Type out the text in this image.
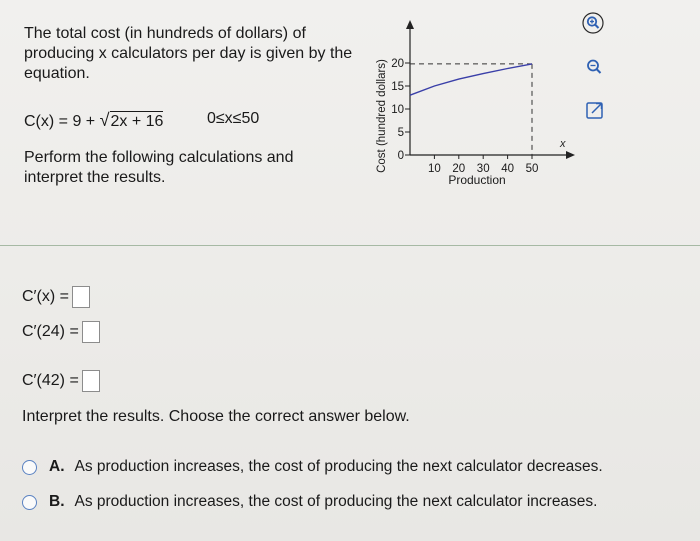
The total cost (in hundreds of dollars) of producing x calculators per day is given by the equation.
C(x) = 9 + √2x + 16	0≤x≤50
Perform the following calculations and interpret the results.
Cost (hundred dollars) 0
5
10
15
20
10 20 30 40 50
x
Production
C′(x) =
C′(24) =
C′(42) =
Interpret the results. Choose the correct answer below.
A. As production increases, the cost of producing the next calculator decreases.
B. As production increases, the cost of producing the next calculator increases.
